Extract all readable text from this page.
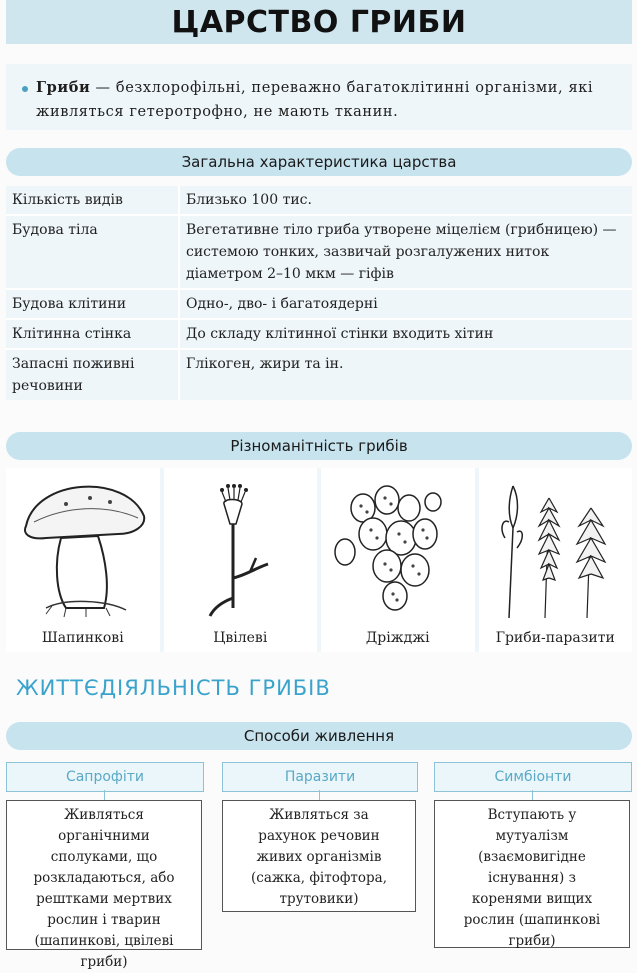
ЦАРСТВО ГРИБИ
Гриби — безхлорофільні, переважно багатоклітинні організми, які живляться гетеротрофно, не мають тканин.
Загальна характеристика царства
Кількість видів	Близько 100 тис.
Будова тіла	Вегетативне тіло гриба утворене міцелієм (грибницею) — системою тонких, зазвичай розгалужених ниток діаметром 2–10 мкм — гіфів
Будова клітини	Одно-, дво- і багатоядерні
Клітинна стінка	До складу клітинної стінки входить хітин
Запасні поживні речовини	Глікоген, жири та ін.
Різноманітність грибів
Шапинкові	Цвілеві	Дріжджі	Гриби-паразити
ЖИТТЄДІЯЛЬНІСТЬ ГРИБІВ
Способи живлення
Сапрофіти	Паразити	Симбіонти
Живляться органічними сполуками, що розкладаються, або рештками мертвих рослин і тварин (шапинкові, цвілеві гриби)
Живляться за рахунок речовин живих організмів (сажка, фітофтора, трутовики)
Вступають у мутуалізм (взаємовигідне існування) з коренями вищих рослин (шапинкові гриби)
